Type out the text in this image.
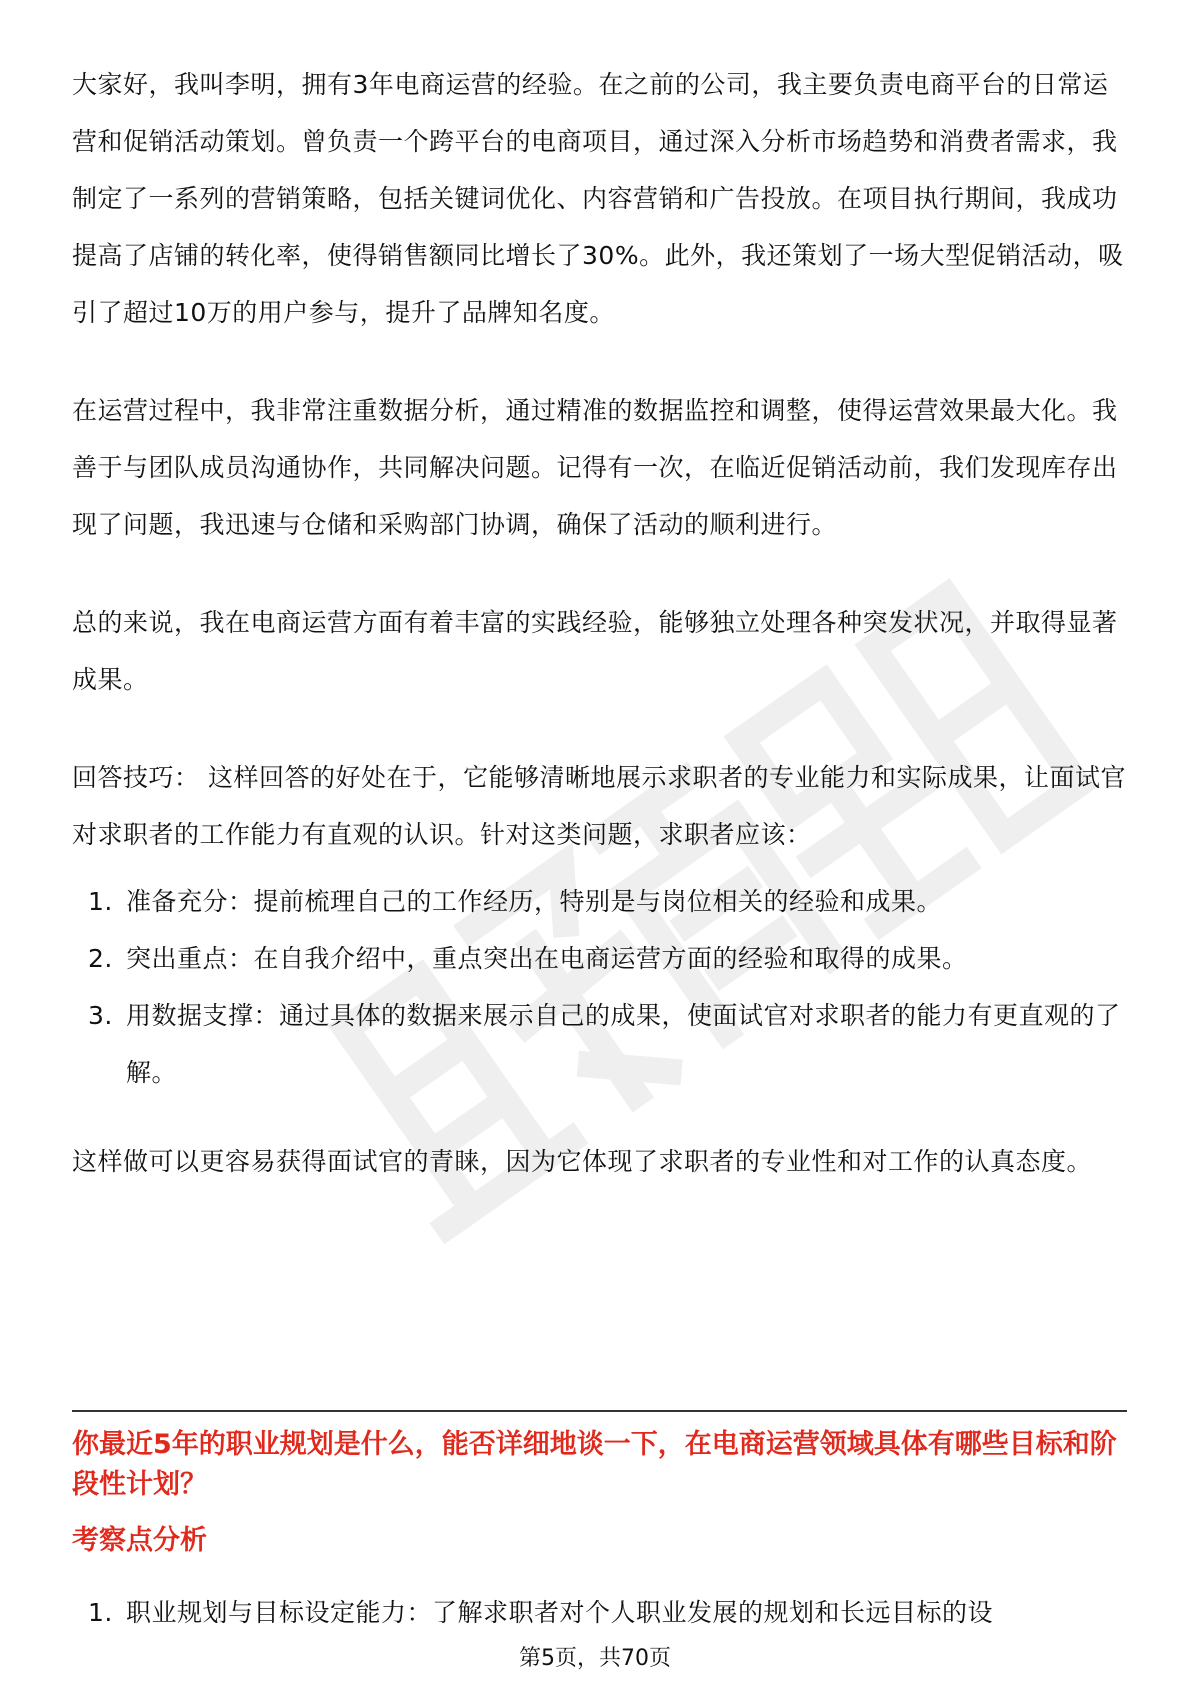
大家好，我叫李明，拥有3年电商运营的经验。在之前的公司，我主要负责电商平台的日常运营和促销活动策划。曾负责一个跨平台的电商项目，通过深入分析市场趋势和消费者需求，我制定了一系列的营销策略，包括关键词优化、内容营销和广告投放。在项目执行期间，我成功提高了店铺的转化率，使得销售额同比增长了30%。此外，我还策划了一场大型促销活动，吸引了超过10万的用户参与，提升了品牌知名度。

在运营过程中，我非常注重数据分析，通过精准的数据监控和调整，使得运营效果最大化。我善于与团队成员沟通协作，共同解决问题。记得有一次，在临近促销活动前，我们发现库存出现了问题，我迅速与仓储和采购部门协调，确保了活动的顺利进行。

总的来说，我在电商运营方面有着丰富的实践经验，能够独立处理各种突发状况，并取得显著成果。

回答技巧： 这样回答的好处在于，它能够清晰地展示求职者的专业能力和实际成果，让面试官对求职者的工作能力有直观的认识。针对这类问题，求职者应该：

1. 准备充分：提前梳理自己的工作经历，特别是与岗位相关的经验和成果。
2. 突出重点：在自我介绍中，重点突出在电商运营方面的经验和取得的成果。
3. 用数据支撑：通过具体的数据来展示自己的成果，使面试官对求职者的能力有更直观的了解。

这样做可以更容易获得面试官的青睐，因为它体现了求职者的专业性和对工作的认真态度。

你最近5年的职业规划是什么，能否详细地谈一下，在电商运营领域具体有哪些目标和阶段性计划？
考察点分析
1. 职业规划与目标设定能力：了解求职者对个人职业发展的规划和长远目标的设
第5页，共70页
